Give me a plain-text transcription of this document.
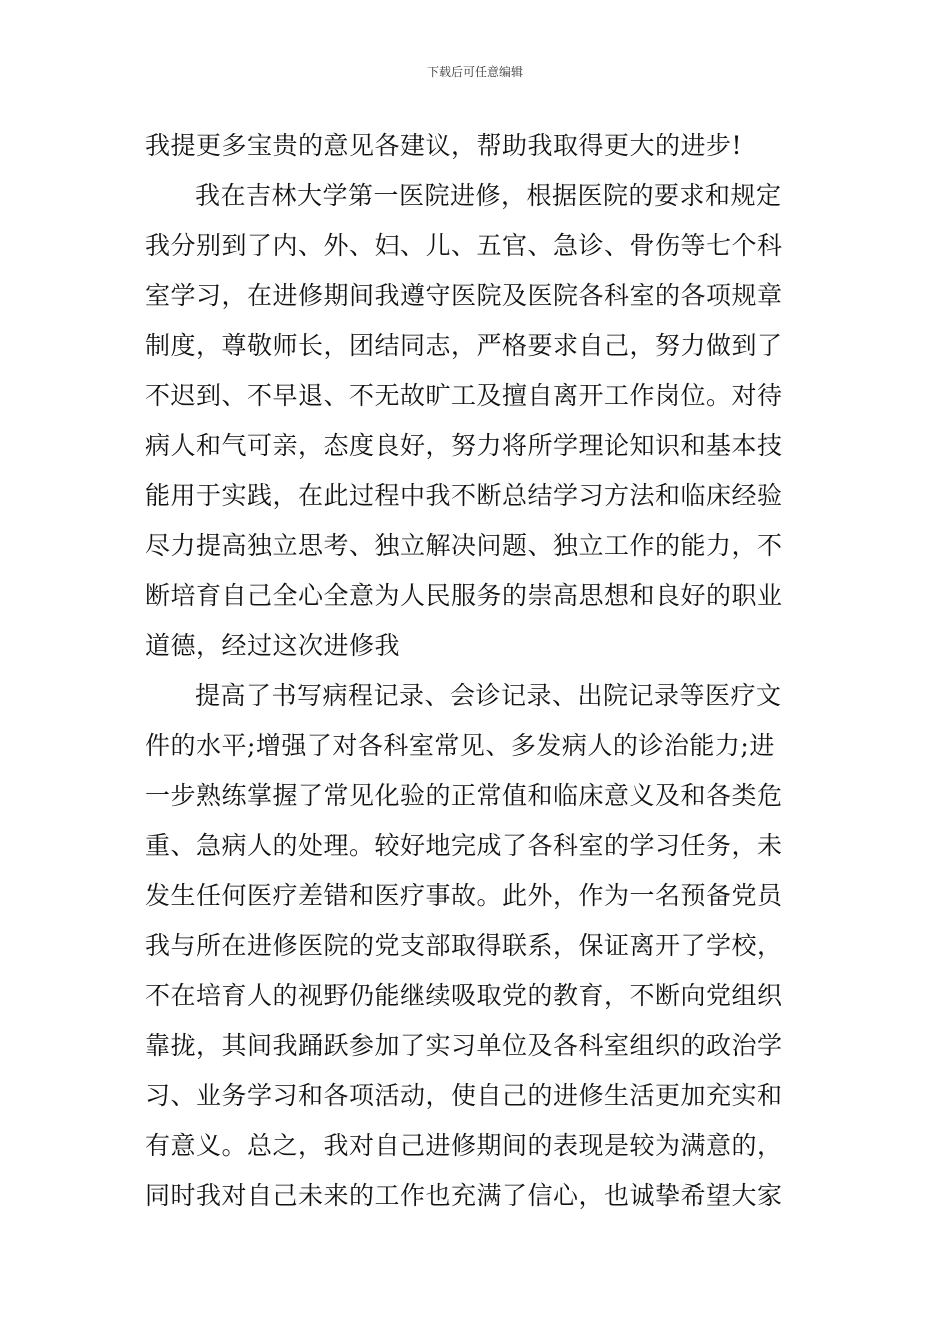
下载后可任意编辑
我提更多宝贵的意见各建议，帮助我取得更大的进步!
我在吉林大学第一医院进修，根据医院的要求和规定
我分别到了内、外、妇、儿、五官、急诊、骨伤等七个科
室学习，在进修期间我遵守医院及医院各科室的各项规章
制度，尊敬师长，团结同志，严格要求自己，努力做到了
不迟到、不早退、不无故旷工及擅自离开工作岗位。对待
病人和气可亲，态度良好，努力将所学理论知识和基本技
能用于实践，在此过程中我不断总结学习方法和临床经验
尽力提高独立思考、独立解决问题、独立工作的能力，不
断培育自己全心全意为人民服务的崇高思想和良好的职业
道德，经过这次进修我
提高了书写病程记录、会诊记录、出院记录等医疗文
件的水平;增强了对各科室常见、多发病人的诊治能力;进
一步熟练掌握了常见化验的正常值和临床意义及和各类危
重、急病人的处理。较好地完成了各科室的学习任务，未
发生任何医疗差错和医疗事故。此外，作为一名预备党员
我与所在进修医院的党支部取得联系，保证离开了学校，
不在培育人的视野仍能继续吸取党的教育，不断向党组织
靠拢，其间我踊跃参加了实习单位及各科室组织的政治学
习、业务学习和各项活动，使自己的进修生活更加充实和
有意义。总之，我对自己进修期间的表现是较为满意的，
同时我对自己未来的工作也充满了信心，也诚挚希望大家
